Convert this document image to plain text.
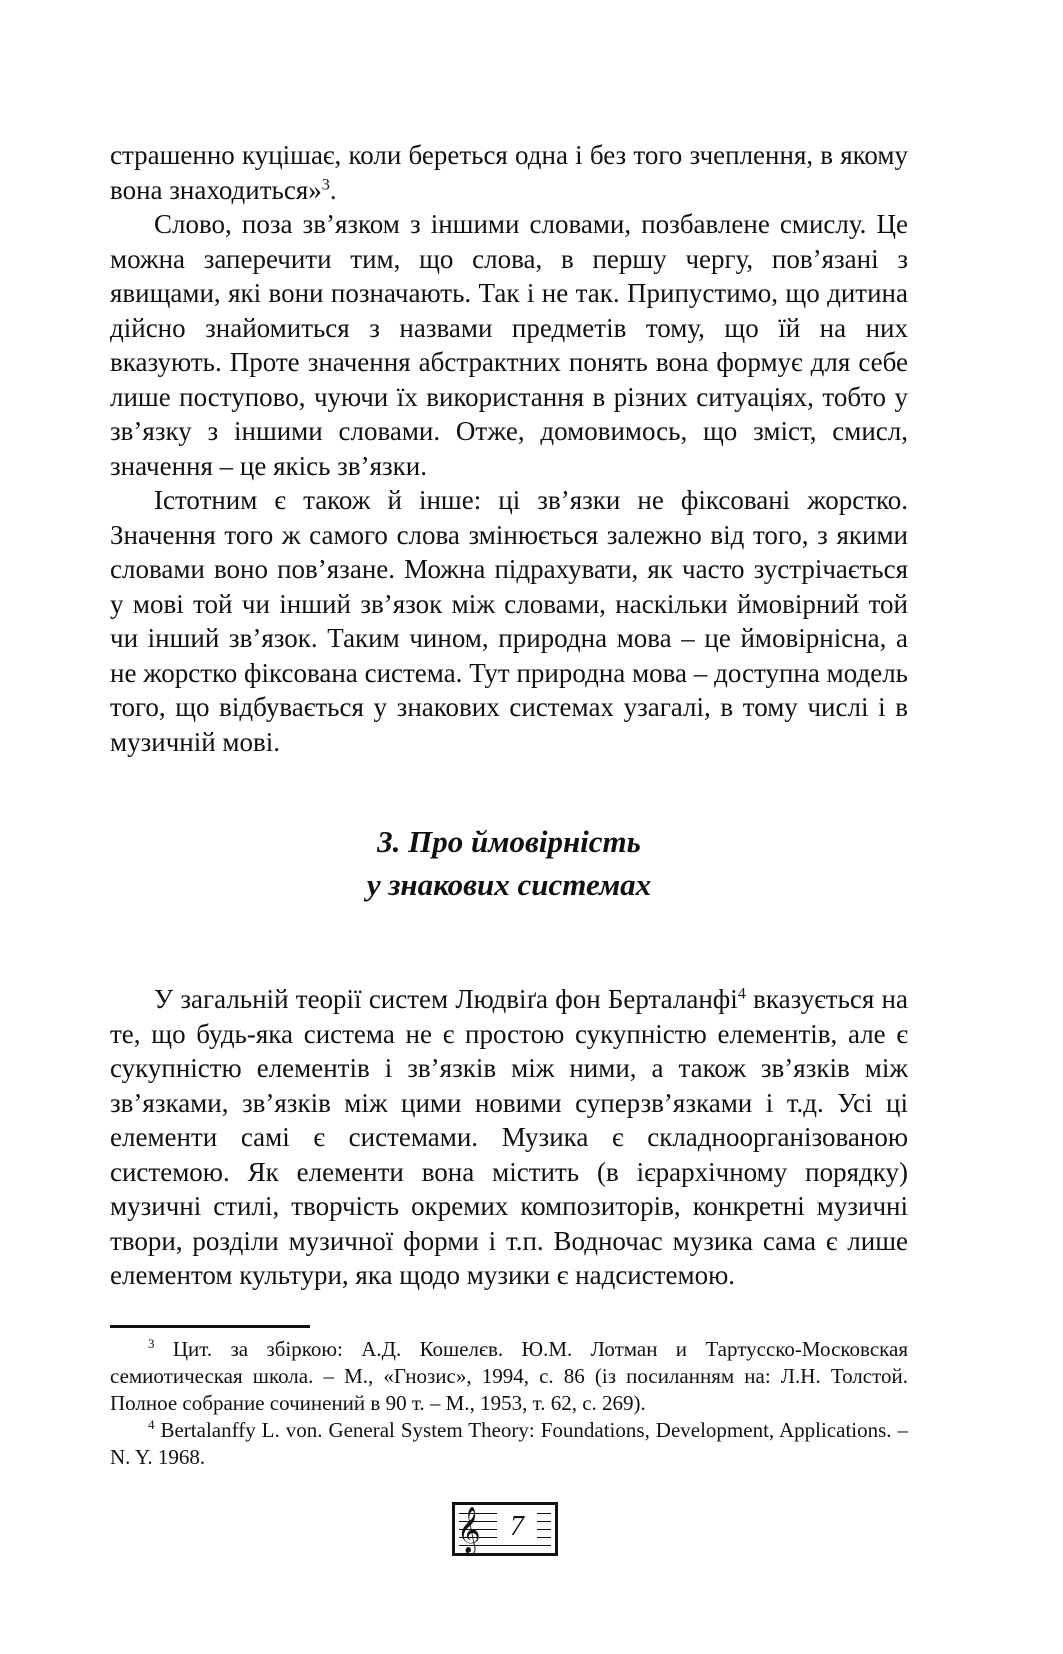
страшенно куцішає, коли береться одна і без того зчеплення, в якому вона знаходиться»$^3$.

Слово, поза зв’язком з іншими словами, позбавлене смислу. Це можна заперечити тим, що слова, в першу чергу, пов’язані з явищами, які вони позначають. Так і не так. Припустимо, що дитина дійсно знайомиться з назвами предметів тому, що їй на них вказують. Проте значення абстрактних понять вона формує для себе лише поступово, чуючи їх використання в різних ситуаціях, тобто у зв’язку з іншими словами. Отже, домовимось, що зміст, смисл, значення – це якісь зв’язки.

Істотним є також й інше: ці зв’язки не фіксовані жорстко. Значення того ж самого слова змінюється залежно від того, з якими словами воно пов’язане. Можна підрахувати, як часто зустрічається у мові той чи інший зв’язок між словами, наскільки ймовірний той чи інший зв’язок. Таким чином, природна мова – це ймовірнісна, а не жорстко фіксована система. Тут природна мова – доступна модель того, що відбувається у знакових системах узагалі, в тому числі і в музичній мові.

3. Про ймовірність
у знакових системах

У загальній теорії систем Людвіґа фон Берталанфі$^4$ вказується на те, що будь-яка система не є простою сукупністю елементів, але є сукупністю елементів і зв’язків між ними, а також зв’язків між зв’язками, зв’язків між цими новими суперзв’язками і т.д. Усі ці елементи самі є системами. Музика є складноорганізованою системою. Як елементи вона містить (в ієрархічному порядку) музичні стилі, творчість окремих композиторів, конкретні музичні твори, розділи музичної форми і т.п. Водночас музика сама є лише елементом культури, яка щодо музики є надсистемою.

$^3$ Цит. за збіркою: А.Д. Кошелєв. Ю.М. Лотман и Тартусско-Московская семиотическая школа. – М., «Гнозис», 1994, с. 86 (із посиланням на: Л.Н. Толстой. Полное собрание сочинений в 90 т. – М., 1953, т. 62, с. 269).

$^4$ Bertalanffy L. von. General System Theory: Foundations, Development, Applications. – N. Y. 1968.

𝄞	7
